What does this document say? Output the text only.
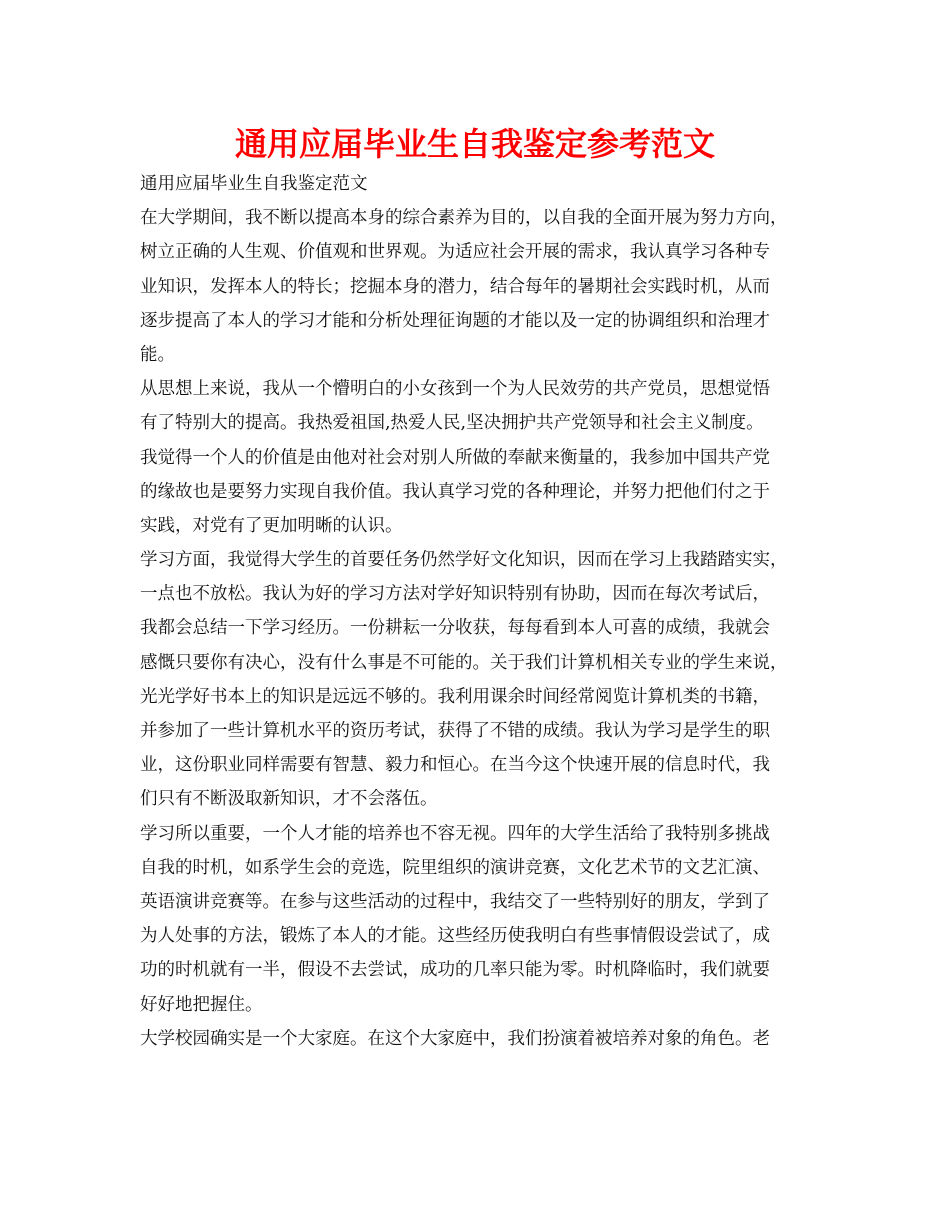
通用应届毕业生自我鉴定参考范文
通用应届毕业生自我鉴定范文
在大学期间，我不断以提高本身的综合素养为目的，以自我的全面开展为努力方向，
树立正确的人生观、价值观和世界观。为适应社会开展的需求，我认真学习各种专
业知识，发挥本人的特长；挖掘本身的潜力，结合每年的暑期社会实践时机，从而
逐步提高了本人的学习才能和分析处理征询题的才能以及一定的协调组织和治理才
能。
从思想上来说，我从一个懵明白的小女孩到一个为人民效劳的共产党员，思想觉悟
有了特别大的提高。我热爱祖国,热爱人民,坚决拥护共产党领导和社会主义制度。
我觉得一个人的价值是由他对社会对别人所做的奉献来衡量的，我参加中国共产党
的缘故也是要努力实现自我价值。我认真学习党的各种理论，并努力把他们付之于
实践，对党有了更加明晰的认识。
学习方面，我觉得大学生的首要任务仍然学好文化知识，因而在学习上我踏踏实实，
一点也不放松。我认为好的学习方法对学好知识特别有协助，因而在每次考试后，
我都会总结一下学习经历。一份耕耘一分收获，每每看到本人可喜的成绩，我就会
感慨只要你有决心，没有什么事是不可能的。关于我们计算机相关专业的学生来说，
光光学好书本上的知识是远远不够的。我利用课余时间经常阅览计算机类的书籍，
并参加了一些计算机水平的资历考试，获得了不错的成绩。我认为学习是学生的职
业，这份职业同样需要有智慧、毅力和恒心。在当今这个快速开展的信息时代，我
们只有不断汲取新知识，才不会落伍。
学习所以重要，一个人才能的培养也不容无视。四年的大学生活给了我特别多挑战
自我的时机，如系学生会的竞选，院里组织的演讲竞赛，文化艺术节的文艺汇演、
英语演讲竞赛等。在参与这些活动的过程中，我结交了一些特别好的朋友，学到了
为人处事的方法，锻炼了本人的才能。这些经历使我明白有些事情假设尝试了，成
功的时机就有一半，假设不去尝试，成功的几率只能为零。时机降临时，我们就要
好好地把握住。
大学校园确实是一个大家庭。在这个大家庭中，我们扮演着被培养对象的角色。老
